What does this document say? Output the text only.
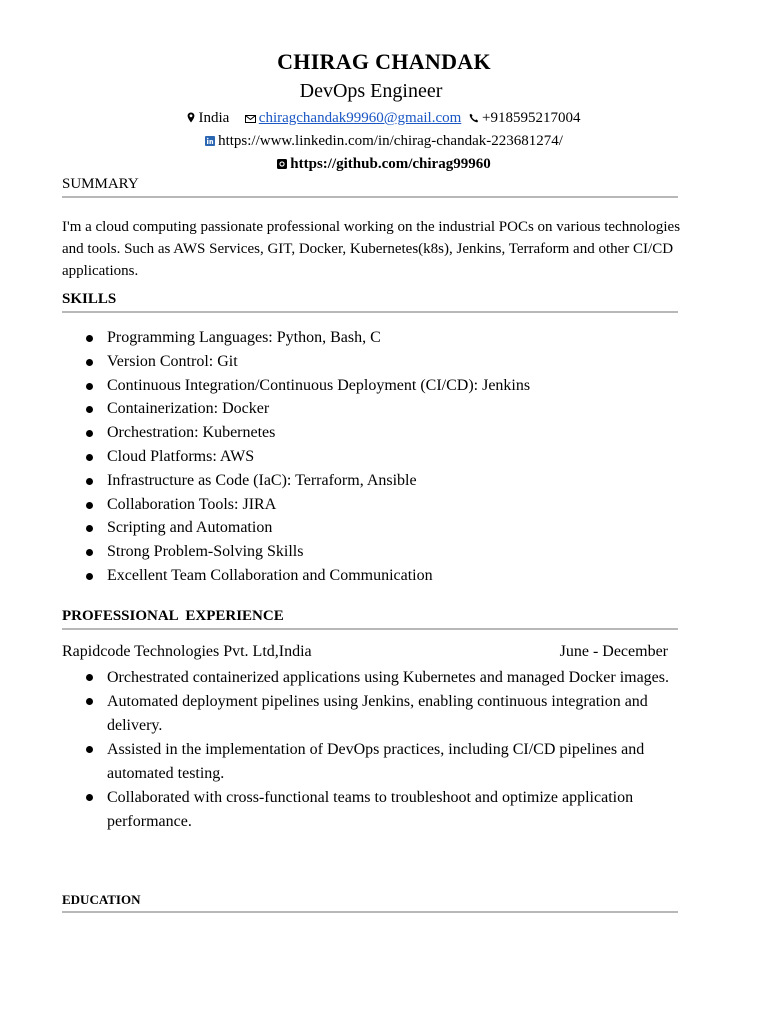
CHIRAG CHANDAK
DevOps Engineer
India chiragchandak99960@gmail.com +918595217004
https://www.linkedin.com/in/chirag-chandak-223681274/
https://github.com/chirag99960
SUMMARY

I'm a cloud computing passionate professional working on the industrial POCs on various technologies and tools. Such as AWS Services, GIT, Docker, Kubernetes(k8s), Jenkins, Terraform and other CI/CD applications.

SKILLS
Programming Languages: Python, Bash, C
Version Control: Git
Continuous Integration/Continuous Deployment (CI/CD): Jenkins
Containerization: Docker
Orchestration: Kubernetes
Cloud Platforms: AWS
Infrastructure as Code (IaC): Terraform, Ansible
Collaboration Tools: JIRA
Scripting and Automation
Strong Problem-Solving Skills
Excellent Team Collaboration and Communication
PROFESSIONAL  EXPERIENCE
Rapidcode Technologies Pvt. Ltd,India	June - December
Orchestrated containerized applications using Kubernetes and managed Docker images.
Automated deployment pipelines using Jenkins, enabling continuous integration and delivery.
Assisted in the implementation of DevOps practices, including CI/CD pipelines and automated testing.
Collaborated with cross-functional teams to troubleshoot and optimize application performance.
EDUCATION
